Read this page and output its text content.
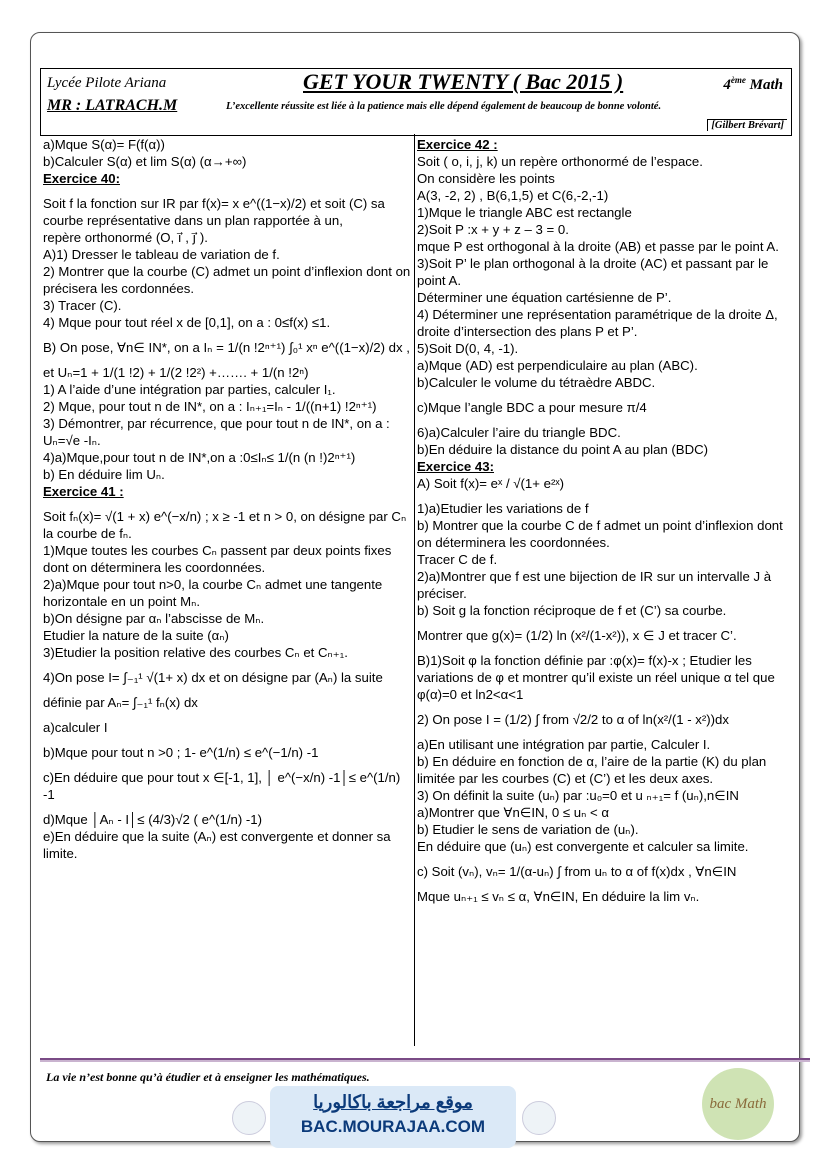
Lycée Pilote Ariana	GET YOUR TWENTY ( Bac 2015 )	4ème Math
MR : LATRACH.M	L’excellente réussite est liée à la patience mais elle dépend également de beaucoup de bonne volonté.
[Gilbert Brévart]

a)Mque S(α)= F(f(α))

b)Calculer S(α) et lim S(α) (α→+∞)

Exercice 40:

Soit f la fonction sur IR par f(x)= x e^((1−x)/2) et soit (C) sa courbe représentative dans un plan rapportée à un,

repère orthonormé (O, i⃗ , j⃗ ).

A)1) Dresser le tableau de variation de f.

2) Montrer que la courbe (C) admet un point d’inflexion dont on précisera les cordonnées.

3) Tracer (C).

4) Mque pour tout réel x de [0,1], on a : 0≤f(x) ≤1.

B) On pose, ∀n∈ IN*, on a Iₙ = 1/(n !2ⁿ⁺¹) ∫₀¹ xⁿ e^((1−x)/2) dx ,

et Uₙ=1 + 1/(1 !2) + 1/(2 !2²) +……. + 1/(n !2ⁿ)

1) A l’aide d’une intégration par parties, calculer I₁.

2) Mque, pour tout n de IN*, on a : Iₙ₊₁=Iₙ - 1/((n+1) !2ⁿ⁺¹)

3) Démontrer, par récurrence, que pour tout n de IN*, on a : Uₙ=√e -Iₙ.

4)a)Mque,pour tout n de IN*,on a :0≤Iₙ≤ 1/(n (n !)2ⁿ⁺¹)

b) En déduire lim Uₙ.

Exercice 41 :

Soit fₙ(x)= √(1 + x) e^(−x/n) ; x ≥ -1 et n > 0, on désigne par Cₙ la courbe de fₙ.

1)Mque toutes les courbes Cₙ passent par deux points fixes dont on déterminera les coordonnées.

2)a)Mque pour tout n>0, la courbe Cₙ admet une tangente horizontale en un point Mₙ.

b)On désigne par αₙ l’abscisse de Mₙ.

Etudier la nature de la suite (αₙ)

3)Etudier la position relative des courbes Cₙ et Cₙ₊₁.

4)On pose I= ∫₋₁¹ √(1+ x) dx et on désigne par (Aₙ) la suite

définie par Aₙ= ∫₋₁¹ fₙ(x) dx

a)calculer I

b)Mque pour tout n >0 ; 1- e^(1/n) ≤ e^(−1/n) -1

c)En déduire que pour tout x ∈[-1, 1], │ e^(−x/n) -1│≤ e^(1/n) -1

d)Mque │Aₙ - I│≤ (4/3)√2 ( e^(1/n) -1)

e)En déduire que la suite (Aₙ) est convergente et donner sa limite.

Exercice 42 :

Soit ( o, i, j, k) un repère orthonormé de l’espace.

On considère les points

A(3, -2, 2) , B(6,1,5) et C(6,-2,-1)

1)Mque le triangle ABC est rectangle

2)Soit P :x + y + z – 3 = 0.

mque P est orthogonal à la droite (AB) et passe par le point A.

3)Soit P’ le plan orthogonal à la droite (AC) et passant par le point A.

Déterminer une équation cartésienne de P’.

4) Déterminer une représentation paramétrique de la droite Δ, droite d’intersection des plans P et P’.

5)Soit D(0, 4, -1).

a)Mque (AD) est perpendiculaire au plan (ABC).

b)Calculer le volume du tétraèdre ABDC.

c)Mque l’angle BDC a pour mesure π/4

6)a)Calculer l’aire du triangle BDC.

b)En déduire la distance du point A au plan (BDC)

Exercice 43:

A) Soit f(x)= eˣ / √(1+ e²ˣ)

1)a)Etudier les variations de f

b) Montrer que la courbe C de f admet un point d’inflexion dont on déterminera les coordonnées.

Tracer C de f.

2)a)Montrer que f est une bijection de IR sur un intervalle J à préciser.

b) Soit g la fonction réciproque de f et (C’) sa courbe.

Montrer que g(x)= (1/2) ln (x²/(1-x²)), x ∈ J et tracer C’.

B)1)Soit φ la fonction définie par :φ(x)= f(x)-x ; Etudier les variations de φ et montrer qu’il existe un réel unique α tel que φ(α)=0 et ln2<α<1

2) On pose I = (1/2) ∫ from √2/2 to α of ln(x²/(1 - x²))dx

a)En utilisant une intégration par partie, Calculer I.

b) En déduire en fonction de α, l’aire de la partie (K) du plan limitée par les courbes (C) et (C’) et les deux axes.

3) On définit la suite (uₙ) par :u₀=0 et u ₙ₊₁= f (uₙ),n∈IN

a)Montrer que ∀n∈IN, 0 ≤ uₙ < α

b) Etudier le sens de variation de (uₙ).

En déduire que (uₙ) est convergente et calculer sa limite.

c) Soit (vₙ), vₙ= 1/(α-uₙ) ∫ from uₙ to α of f(x)dx , ∀n∈IN

Mque uₙ₊₁ ≤ vₙ ≤ α, ∀n∈IN, En déduire la lim vₙ.

La vie n’est bonne qu’à étudier et à enseigner les mathématiques.
موقع مراجعة باكالوريا
BAC.MOURAJAA.COM
bac Math
